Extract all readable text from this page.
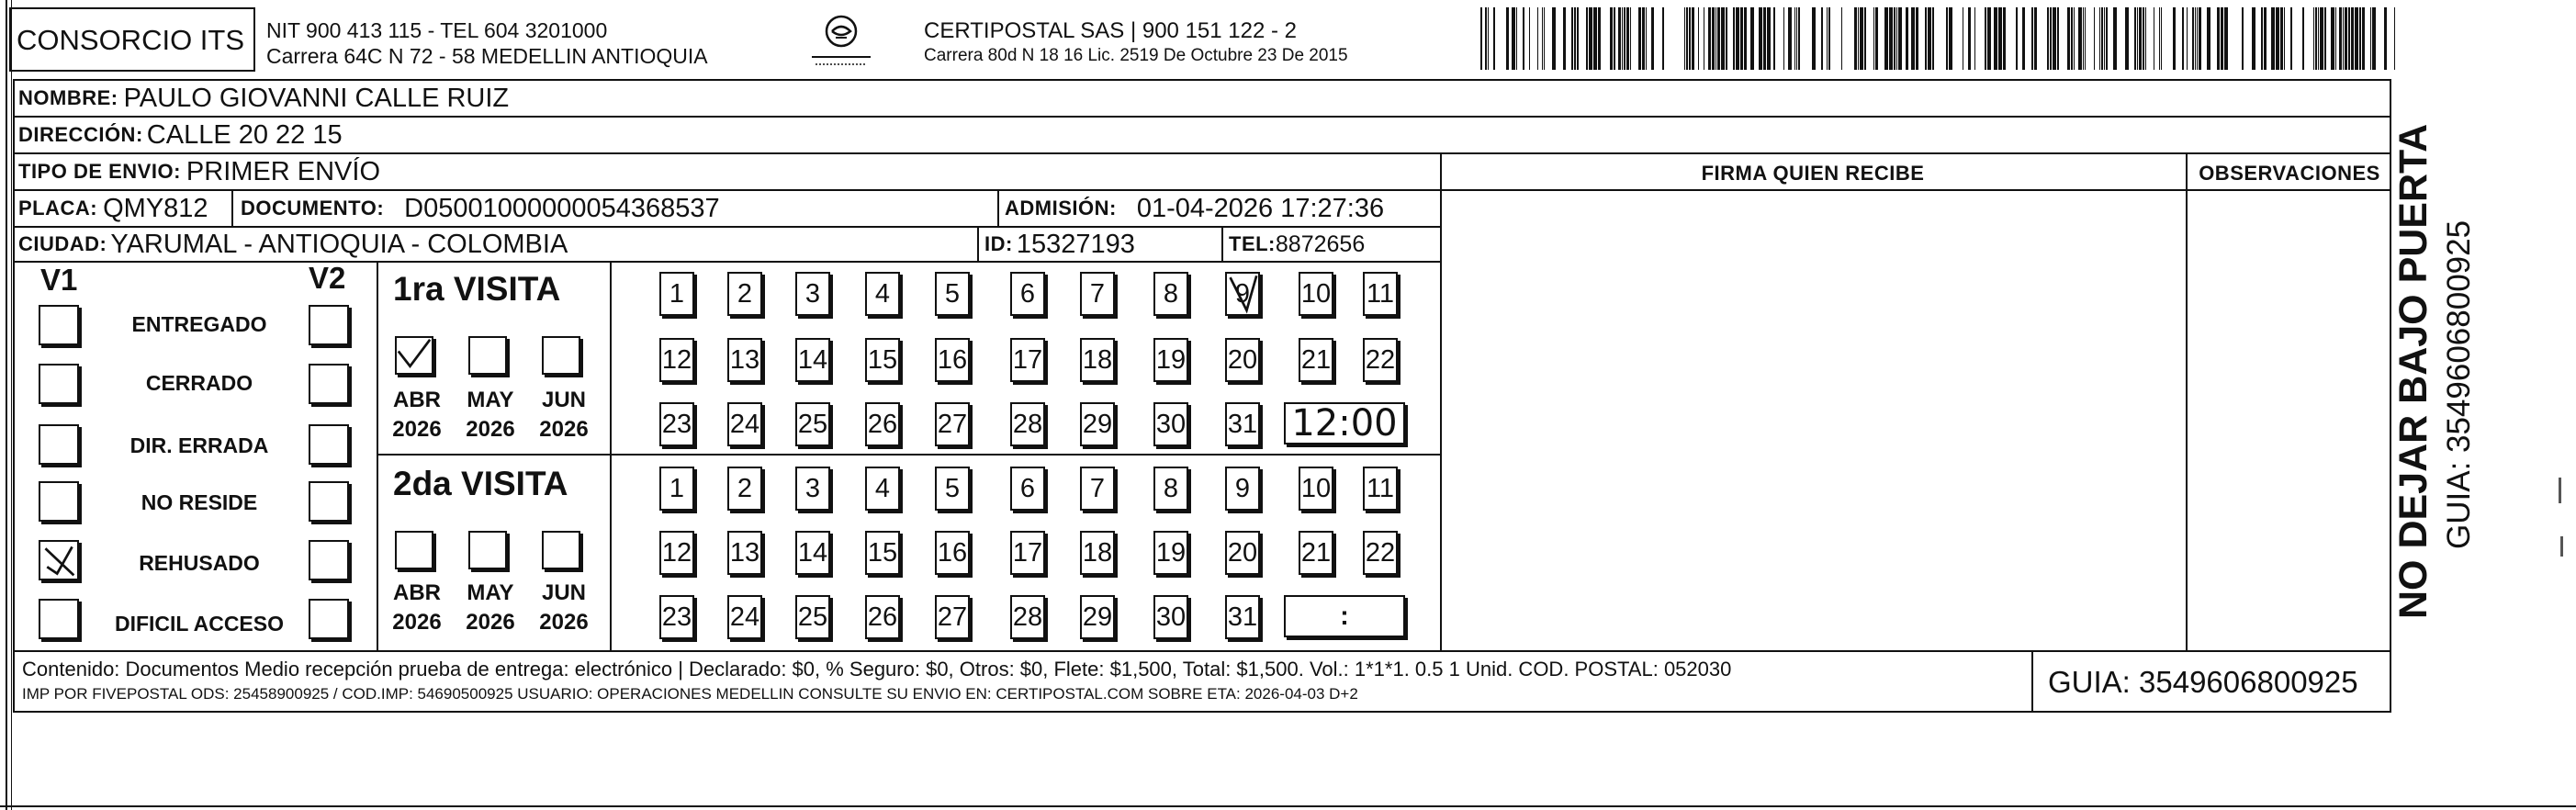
CONSORCIO ITS NIT 900 413 115 - TEL 604 3201000
Carrera 64C N 72 - 58 MEDELLIN ANTIOQUIA
CERTIPOSTAL SAS | 900 151 122 - 2
Carrera 80d N 18 16 Lic. 2519 De Octubre 23 De 2015
NOMBRE: PAULO GIOVANNI CALLE RUIZ
DIRECCIÓN: CALLE 20 22 15
TIPO DE ENVIO: PRIMER ENVÍO	FIRMA QUIEN RECIBE	OBSERVACIONES
PLACA: QMY812 DOCUMENTO: D05001000000054368537	ADMISIÓN: 01-04-2026 17:27:36
CIUDAD: YARUMAL - ANTIOQUIA - COLOMBIA	ID: 15327193	TEL: 8872656
V1	V2
ENTREGADO
CERRADO
DIR. ERRADA
NO RESIDE
REHUSADO
DIFICIL ACCESO
1ra VISITA
ABR MAY JUN
2026 2026 2026
2da VISITA
ABR MAY JUN
2026 2026 2026
1	2	3	4	5	6	7	8	9 10 11
12 13 14 15 16 17 18 19 20 21 22
23 24 25 26 27 28 29 30 31
1	2	3	4	5	6	7	8	9	10 11
12 13 14 15 16 17 18 19 20 21 22
23 24 25 26 27 28 29 30 31
12:00
:
Contenido: Documentos Medio recepción prueba de entrega: electrónico | Declarado: $0, % Seguro: $0, Otros: $0, Flete: $1,500, Total: $1,500. Vol.: 1*1*1. 0.5 1 Unid. COD. POSTAL: 052030
IMP POR FIVEPOSTAL ODS: 25458900925 / COD.IMP: 54690500925 USUARIO: OPERACIONES MEDELLIN CONSULTE SU ENVIO EN: CERTIPOSTAL.COM SOBRE ETA: 2026-04-03 D+2	GUIA: 3549606800925
NO DEJAR BAJO PUERTA GUIA: 3549606800925
